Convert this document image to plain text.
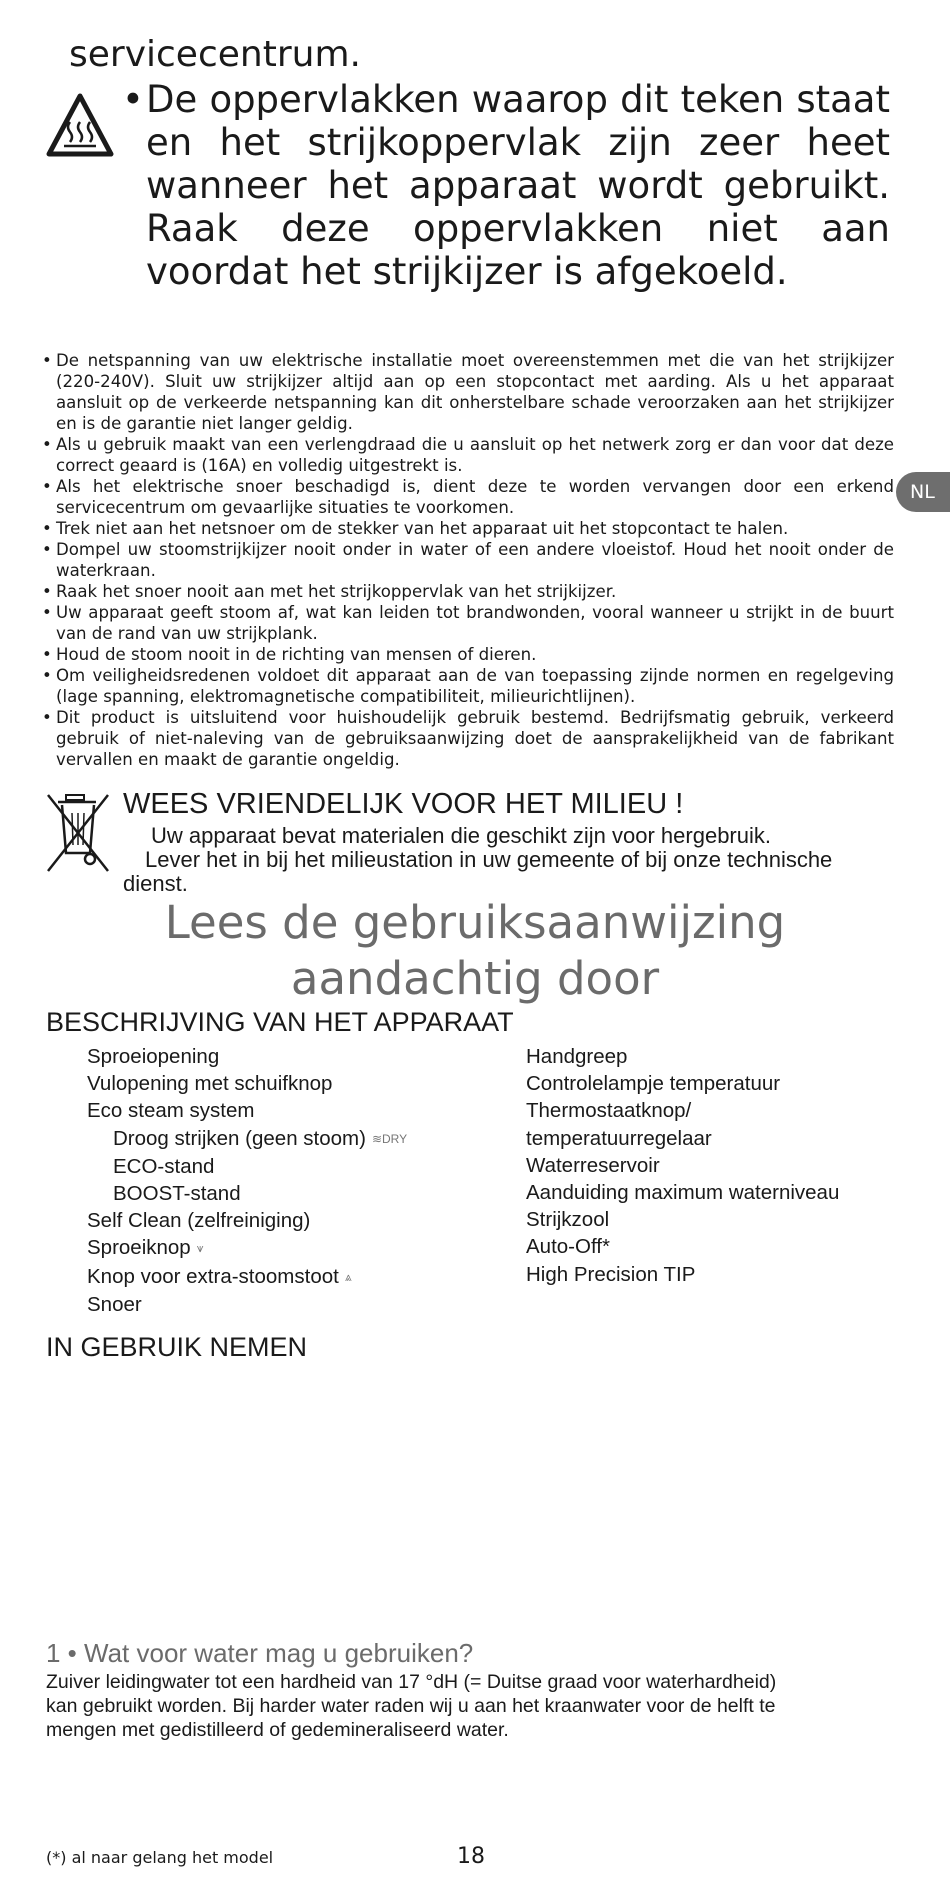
servicecentrum.
• De oppervlakken waarop dit teken staat en het strijkoppervlak zijn zeer heet wanneer het apparaat wordt gebruikt. Raak deze oppervlakken niet aan voordat het strijkijzer is afgekoeld.
• De netspanning van uw elektrische installatie moet overeenstemmen met die van het strijkijzer (220-240V). Sluit uw strijkijzer altijd aan op een stopcontact met aarding. Als u het apparaat aansluit op de verkeerde netspanning kan dit onherstelbare schade veroorzaken aan het strijkijzer en is de garantie niet langer geldig.
• Als u gebruik maakt van een verlengdraad die u aansluit op het netwerk zorg er dan voor dat deze correct geaard is (16A) en volledig uitgestrekt is.
• Als het elektrische snoer beschadigd is, dient deze te worden vervangen door een erkend servicecentrum om gevaarlijke situaties te voorkomen.
• Trek niet aan het netsnoer om de stekker van het apparaat uit het stopcontact te halen.
• Dompel uw stoomstrijkijzer nooit onder in water of een andere vloeistof. Houd het nooit onder de waterkraan.
• Raak het snoer nooit aan met het strijkoppervlak van het strijkijzer.
• Uw apparaat geeft stoom af, wat kan leiden tot brandwonden, vooral wanneer u strijkt in de buurt van de rand van uw strijkplank.
• Houd de stoom nooit in de richting van mensen of dieren.
• Om veiligheidsredenen voldoet dit apparaat aan de van toepassing zijnde normen en regelgeving (lage spanning, elektromagnetische compatibiliteit, milieurichtlijnen).
• Dit product is uitsluitend voor huishoudelijk gebruik bestemd. Bedrijfsmatig gebruik, verkeerd gebruik of niet-naleving van de gebruiksaanwijzing doet de aansprakelijkheid van de fabrikant vervallen en maakt de garantie ongeldig.
NL
WEES VRIENDELIJK VOOR HET MILIEU !
Uw apparaat bevat materialen die geschikt zijn voor hergebruik.
Lever het in bij het milieustation in uw gemeente of bij onze technische
dienst.
Lees de gebruiksaanwijzing
aandachtig door
BESCHRIJVING VAN HET APPARAAT
Sproeiopening
Vulopening met schuifknop
Eco steam system
Droog strijken (geen stoom) ≋DRY
ECO-stand
BOOST-stand
Self Clean (zelfreiniging)
Sproeiknop ⩛
Knop voor extra-stoomstoot ⩓
Snoer
Handgreep
Controlelampje temperatuur
Thermostaatknop/
temperatuurregelaar
Waterreservoir
Aanduiding maximum waterniveau
Strijkzool
Auto-Off*
High Precision TIP
IN GEBRUIK NEMEN
1 • Wat voor water mag u gebruiken?
Zuiver leidingwater tot een hardheid van 17 °dH (= Duitse graad voor waterhardheid)
kan gebruikt worden. Bij harder water raden wij u aan het kraanwater voor de helft te
mengen met gedistilleerd of gedemineraliseerd water.
(*) al naar gelang het model	18
